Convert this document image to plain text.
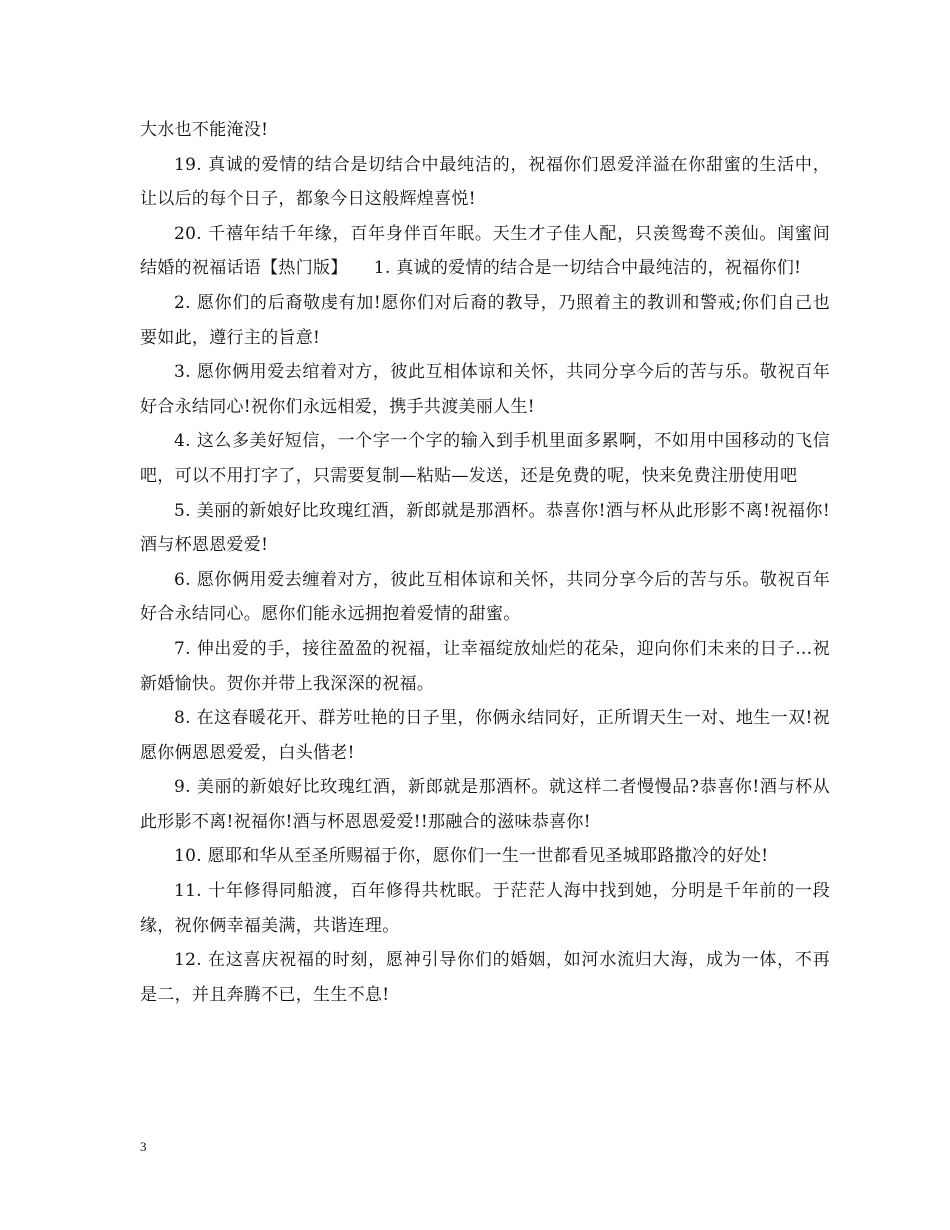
大水也不能淹没!

19. 真诚的爱情的结合是切结合中最纯洁的，祝福你们恩爱洋溢在你甜蜜的生活中，让以后的每个日子，都象今日这般辉煌喜悦!

20. 千禧年结千年缘，百年身伴百年眠。天生才子佳人配，只羡鸳鸯不羡仙。闺蜜间结婚的祝福话语【热门版】　　1. 真诚的爱情的结合是一切结合中最纯洁的，祝福你们!

2. 愿你们的后裔敬虔有加!愿你们对后裔的教导，乃照着主的教训和警戒;你们自己也要如此，遵行主的旨意!

3. 愿你俩用爱去绾着对方，彼此互相体谅和关怀，共同分享今后的苦与乐。敬祝百年好合永结同心!祝你们永远相爱，携手共渡美丽人生!

4. 这么多美好短信，一个字一个字的输入到手机里面多累啊，不如用中国移动的飞信吧，可以不用打字了，只需要复制—粘贴—发送，还是免费的呢，快来免费注册使用吧

5. 美丽的新娘好比玫瑰红酒，新郎就是那酒杯。恭喜你!酒与杯从此形影不离!祝福你!酒与杯恩恩爱爱!

6. 愿你俩用爱去缠着对方，彼此互相体谅和关怀，共同分享今后的苦与乐。敬祝百年好合永结同心。愿你们能永远拥抱着爱情的甜蜜。

7. 伸出爱的手，接往盈盈的祝福，让幸福绽放灿烂的花朵，迎向你们未来的日子…祝新婚愉快。贺你并带上我深深的祝福。

8. 在这春暖花开、群芳吐艳的日子里，你俩永结同好，正所谓天生一对、地生一双!祝愿你俩恩恩爱爱，白头偕老!

9. 美丽的新娘好比玫瑰红酒，新郎就是那酒杯。就这样二者慢慢品?恭喜你!酒与杯从此形影不离!祝福你!酒与杯恩恩爱爱!!那融合的滋味恭喜你!

10. 愿耶和华从至圣所赐福于你，愿你们一生一世都看见圣城耶路撒冷的好处!

11. 十年修得同船渡，百年修得共枕眠。于茫茫人海中找到她，分明是千年前的一段缘，祝你俩幸福美满，共谐连理。

12. 在这喜庆祝福的时刻，愿神引导你们的婚姻，如河水流归大海，成为一体，不再是二，并且奔腾不已，生生不息!

3
